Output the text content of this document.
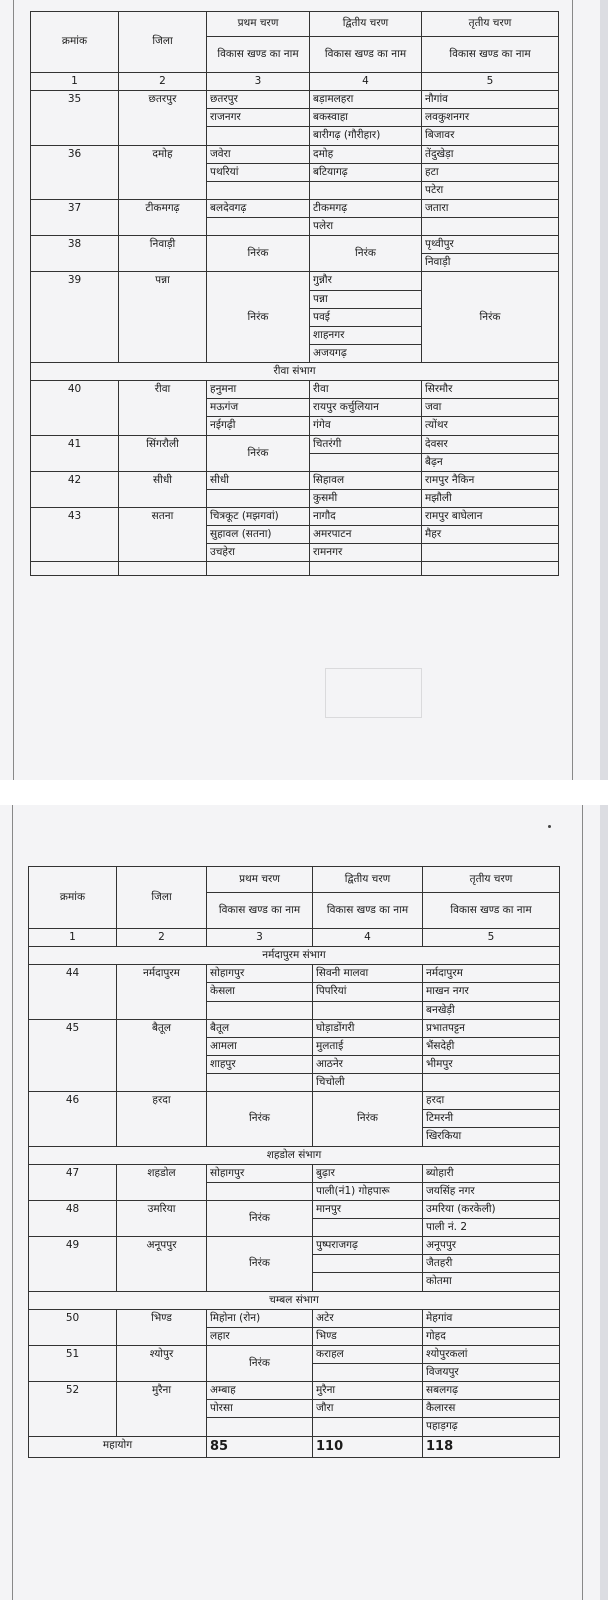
क्रमांक	जिला	प्रथम चरण	द्वितीय चरण	तृतीय चरण
		विकास खण्ड का नाम	विकास खण्ड का नाम	विकास खण्ड का नाम
1	2	3	4	5
35	छतरपुर	छतरपुर	बड़ामलहरा	नौगांव
		राजनगर	बकस्वाहा	लवकुशनगर
			बारीगढ़ (गौरीहार)	बिजावर
36	दमोह	जवेरा	दमोह	तेंदुखेड़ा
		पथरियां	बटियागढ़	हटा
				पटेरा
37	टीकमगढ़	बलदेवगढ़	टीकमगढ़	जतारा
			पलेरा	
38	निवाड़ी	निरंक	निरंक	पृथ्वीपुर
				निवाड़ी
39	पन्ना	निरंक	गुन्नौर	निरंक
			पन्ना	
			पवई	
			शाहनगर	
			अजयगढ़	
रीवा संभाग				
40	रीवा	हनुमना	रीवा	सिरमौर
		मऊगंज	रायपुर कर्चुलियान	जवा
		नईगढ़ी	गंगेव	त्योंथर
41	सिंगरौली	निरंक	चितरंगी	देवसर
				बैढ़न
42	सीधी	सीधी	सिहावल	रामपुर नैकिन
			कुसमी	मझौली
43	सतना	चित्रकूट (मझगवां)	नागौद	रामपुर बाघेलान
		सुहावल (सतना)	अमरपाटन	मैहर
		उचहेरा	रामनगर	

क्रमांक	जिला	प्रथम चरण	द्वितीय चरण	तृतीय चरण
		विकास खण्ड का नाम	विकास खण्ड का नाम	विकास खण्ड का नाम
1	2	3	4	5
नर्मदापुरम संभाग				
44	नर्मदापुरम	सोहागपुर	सिवनी मालवा	नर्मदापुरम
		केसला	पिपरियां	माखन नगर
				बनखेड़ी
45	बैतूल	बैतूल	घोड़ाडोंगरी	प्रभातपट्टन
		आमला	मुलताई	भैंसदेही
		शाहपुर	आठनेर	भीमपुर
			चिचोली	
46	हरदा	निरंक	निरंक	हरदा
				टिमरनी
				खिरकिया
शहडोल संभाग				
47	शहडोल	सोहागपुर	बुढ़ार	ब्योहारी
			पाली(नं1) गोहपारू	जयसिंह नगर
48	उमरिया	निरंक	मानपुर	उमरिया (करकेली)
				पाली नं. 2
49	अनूपपुर	निरंक	पुष्पराजगढ़	अनूपपुर
				जैतहरी
				कोतमा
चम्बल संभाग				
50	भिण्ड	मिहोना (रोन)	अटेर	मेहगांव
		लहार	भिण्ड	गोहद
51	श्योपुर	निरंक	कराहल	श्योपुरकलां
				विजयपुर
52	मुरैना	अम्बाह	मुरैना	सबलगढ़
		पोरसा	जौरा	कैलारस
				पहाड़गढ़
महायोग		85	110	118
